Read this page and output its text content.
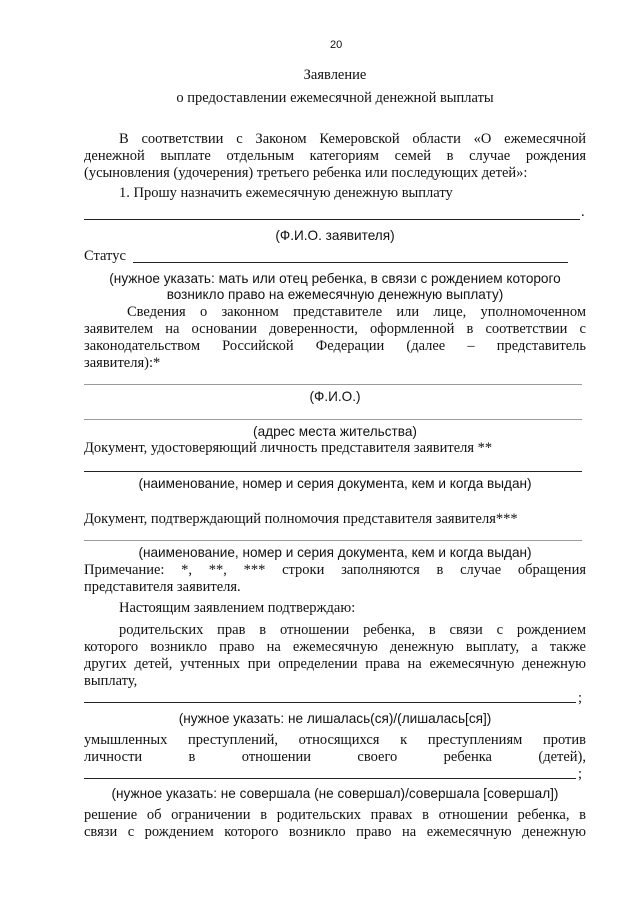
20
Заявление
о предоставлении ежемесячной денежной выплаты
В соответствии с Законом Кемеровской области «О ежемесячной
денежной выплате отдельным категориям семей в случае рождения
(усыновления (удочерения) третьего ребенка или последующих детей»:
1. Прошу назначить ежемесячную денежную выплату
.
(Ф.И.О. заявителя)
Статус
(нужное указать: мать или отец ребенка, в связи с рождением которого
возникло право на ежемесячную денежную выплату)
Сведения о законном представителе или лице, уполномоченном
заявителем на основании доверенности, оформленной в соответствии с
законодательством Российской Федерации (далее – представитель
заявителя):*
(Ф.И.О.)
(адрес места жительства)
Документ, удостоверяющий личность представителя заявителя **
(наименование, номер и серия документа, кем и когда выдан)
Документ, подтверждающий полномочия представителя заявителя***
(наименование, номер и серия документа, кем и когда выдан)
Примечание: *, **, *** строки заполняются в случае обращения
представителя заявителя.
Настоящим заявлением подтверждаю:
родительских прав в отношении ребенка, в связи с рождением
которого возникло право на ежемесячную денежную выплату, а также
других детей, учтенных при определении права на ежемесячную денежную
выплату,
;
(нужное указать: не лишалась(ся)/(лишалась[ся])
умышленных преступлений, относящихся к преступлениям против
личности в отношении своего ребенка (детей),
;
(нужное указать: не совершала (не совершал)/совершала [совершал])
решение об ограничении в родительских правах в отношении ребенка, в
связи с рождением которого возникло право на ежемесячную денежную
